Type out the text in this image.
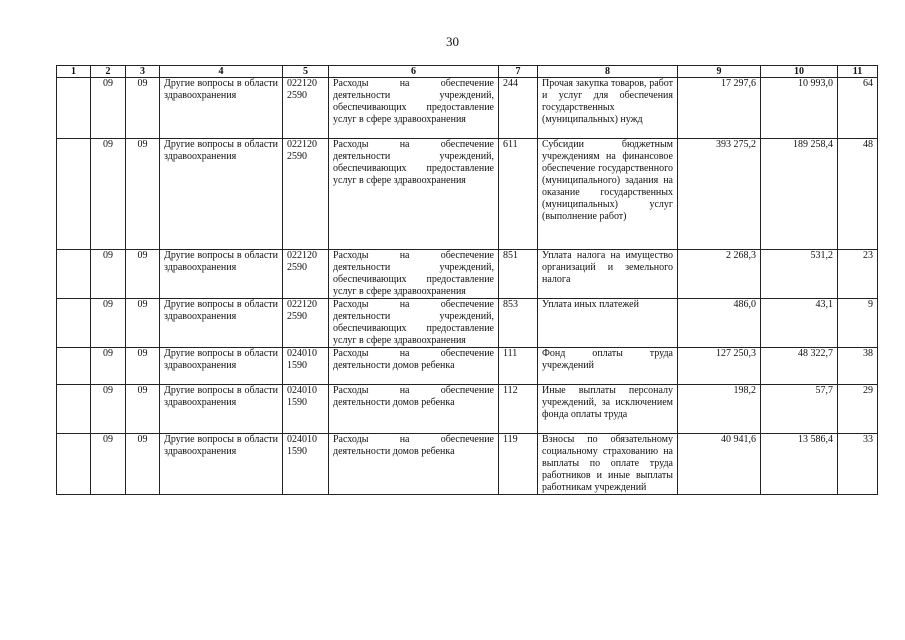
30
1	2	3	4	5	6	7	8	9	10	11
	09	09	Другие вопросы в области здравоохранения	022120 2590	Расходы на обеспечение деятельности учреждений, обеспечивающих предоставление услуг в сфере здравоохранения	244	Прочая закупка товаров, работ и услуг для обеспечения государственных (муниципальных) нужд	17 297,6	10 993,0	64
	09	09	Другие вопросы в области здравоохранения	022120 2590	Расходы на обеспечение деятельности учреждений, обеспечивающих предоставление услуг в сфере здравоохранения	611	Субсидии бюджетным учреждениям на финансовое обеспечение государственного (муниципального) задания на оказание государственных (муниципальных) услуг (выполнение работ)	393 275,2	189 258,4	48
	09	09	Другие вопросы в области здравоохранения	022120 2590	Расходы на обеспечение деятельности учреждений, обеспечивающих предоставление услуг в сфере здравоохранения	851	Уплата налога на имущество организаций и земельного налога	2 268,3	531,2	23
	09	09	Другие вопросы в области здравоохранения	022120 2590	Расходы на обеспечение деятельности учреждений, обеспечивающих предоставление услуг в сфере здравоохранения	853	Уплата иных платежей	486,0	43,1	9
	09	09	Другие вопросы в области здравоохранения	024010 1590	Расходы на обеспечение деятельности домов ребенка	111	Фонд оплаты труда учреждений	127 250,3	48 322,7	38
	09	09	Другие вопросы в области здравоохранения	024010 1590	Расходы на обеспечение деятельности домов ребенка	112	Иные выплаты персоналу учреждений, за исключением фонда оплаты труда	198,2	57,7	29
	09	09	Другие вопросы в области здравоохранения	024010 1590	Расходы на обеспечение деятельности домов ребенка	119	Взносы по обязательному социальному страхованию на выплаты по оплате труда работников и иные выплаты работникам учреждений	40 941,6	13 586,4	33
